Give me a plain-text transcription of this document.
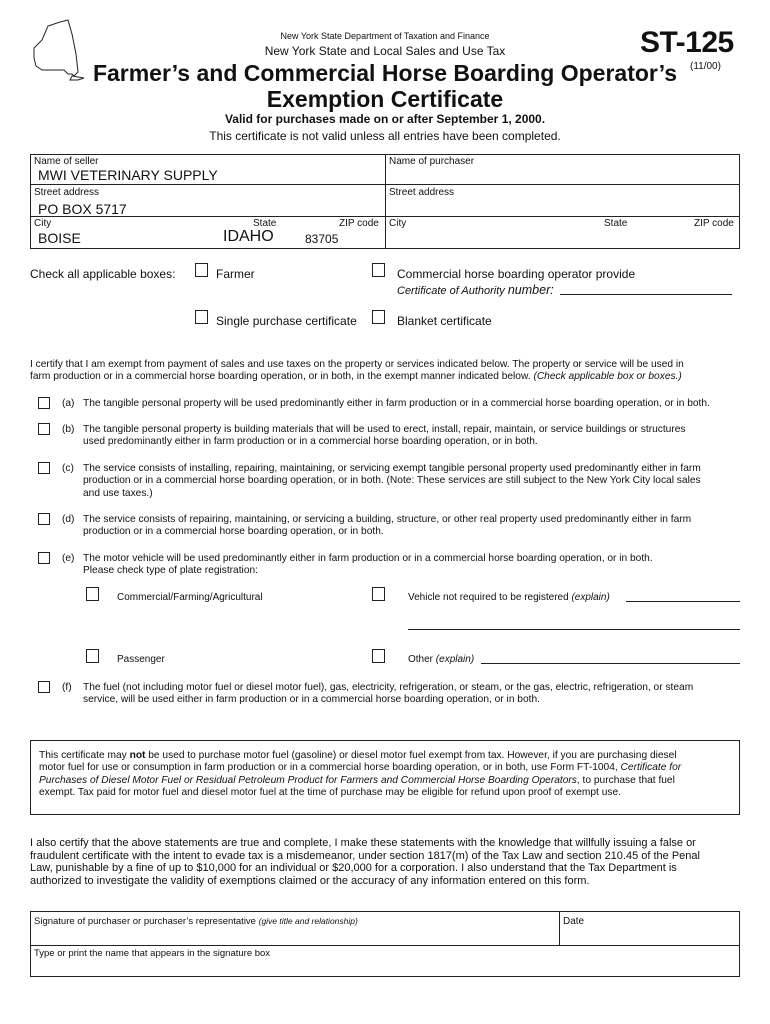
New York State Department of Taxation and Finance
New York State and Local Sales and Use Tax	ST-125
(11/00)
Farmer’s and Commercial Horse Boarding Operator’s
Exemption Certificate
Valid for purchases made on or after September 1, 2000.
This certificate is not valid unless all entries have been completed.
Name of seller
MWI VETERINARY SUPPLY
Street address
PO BOX 5717
City
BOISE
State
IDAHO
ZIP code
83705
Name of purchaser
Street address
City	State	ZIP code
Check all applicable boxes:	Farmer	Commercial horse boarding operator provide
Certificate of Authority number:
Single purchase certificate	Blanket certificate
I certify that I am exempt from payment of sales and use taxes on the property or services indicated below. The property or service will be used in
farm production or in a commercial horse boarding operation, or in both, in the exempt manner indicated below. (Check applicable box or boxes.)
(a) The tangible personal property will be used predominantly either in farm production or in a commercial horse boarding operation, or in both.
(b) The tangible personal property is building materials that will be used to erect, install, repair, maintain, or service buildings or structures
used predominantly either in farm production or in a commercial horse boarding operation, or in both.
(c) The service consists of installing, repairing, maintaining, or servicing exempt tangible personal property used predominantly either in farm
production or in a commercial horse boarding operation, or in both. (Note: These services are still subject to the New York City local sales
and use taxes.)
(d) The service consists of repairing, maintaining, or servicing a building, structure, or other real property used predominantly either in farm
production or in a commercial horse boarding operation, or in both.
(e) The motor vehicle will be used predominantly either in farm production or in a commercial horse boarding operation, or in both.
Please check type of plate registration:
Commercial/Farming/Agricultural	Vehicle not required to be registered (explain)
Passenger	Other (explain)
(f) The fuel (not including motor fuel or diesel motor fuel), gas, electricity, refrigeration, or steam, or the gas, electric, refrigeration, or steam
service, will be used either in farm production or in a commercial horse boarding operation, or in both.
This certificate may not be used to purchase motor fuel (gasoline) or diesel motor fuel exempt from tax. However, if you are purchasing diesel
motor fuel for use or consumption in farm production or in a commercial horse boarding operation, or in both, use Form FT-1004, Certificate for
Purchases of Diesel Motor Fuel or Residual Petroleum Product for Farmers and Commercial Horse Boarding Operators, to purchase that fuel
exempt. Tax paid for motor fuel and diesel motor fuel at the time of purchase may be eligible for refund upon proof of exempt use.
I also certify that the above statements are true and complete, I make these statements with the knowledge that willfully issuing a false or
fraudulent certificate with the intent to evade tax is a misdemeanor, under section 1817(m) of the Tax Law and section 210.45 of the Penal
Law, punishable by a fine of up to $10,000 for an individual or $20,000 for a corporation. I also understand that the Tax Department is
authorized to investigate the validity of exemptions claimed or the accuracy of any information entered on this form.
Signature of purchaser or purchaser’s representative (give title and relationship)	Date
Type or print the name that appears in the signature box
